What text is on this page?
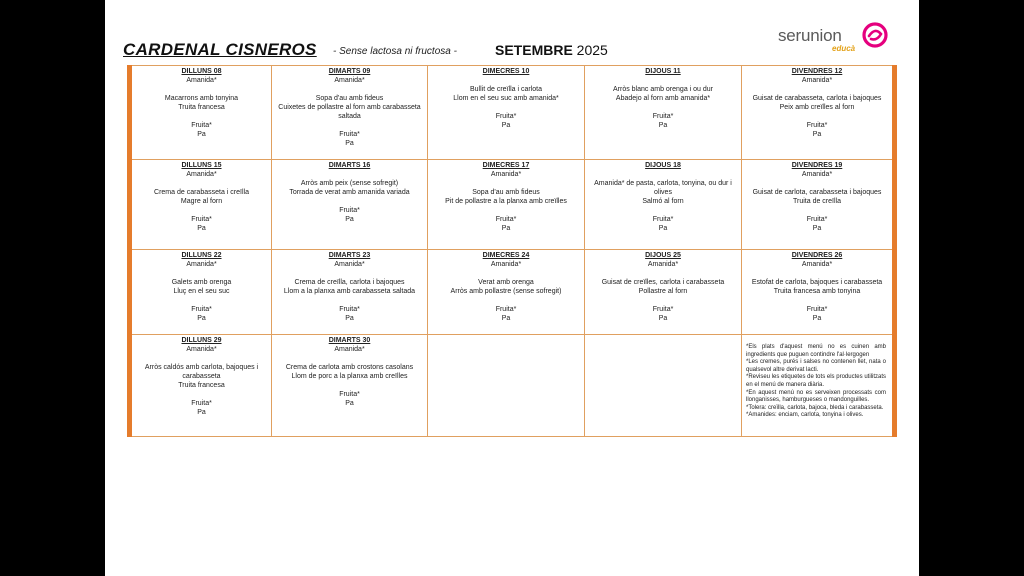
CARDENAL CISNEROS - Sense lactosa ni fructosa -	SETEMBRE 2025
serunion
educà
DILLUNS 08
Amanida*
Macarrons amb tonyina
Truita francesa
Fruita*
Pa
DIMARTS 09
Amanida*
Sopa d'au amb fideus
Cuixetes de pollastre al forn amb carabasseta saltada
Fruita*
Pa
DIMECRES 10
Bullit de creïlla i carlota
Llom en el seu suc amb amanida*
Fruita*
Pa
DIJOUS 11
Arròs blanc amb orenga i ou dur
Abadejo al forn amb amanida*
Fruita*
Pa
DIVENDRES 12
Amanida*
Guisat de carabasseta, carlota i bajoques
Peix amb creïlles al forn
Fruita*
Pa
DILLUNS 15
Amanida*
Crema de carabasseta i creïlla
Magre al forn
Fruita*
Pa
DIMARTS 16
Arròs amb peix (sense sofregit)
Torrada de verat amb amanida variada
Fruita*
Pa
DIMECRES 17
Amanida*
Sopa d'au amb fideus
Pit de pollastre a la planxa amb creïlles
Fruita*
Pa
DIJOUS 18
Amanida* de pasta, carlota, tonyina, ou dur i olives
Salmó al forn
Fruita*
Pa
DIVENDRES 19
Amanida*
Guisat de carlota, carabasseta i bajoques
Truita de creïlla
Fruita*
Pa
DILLUNS 22
Amanida*
Galets amb orenga
Lluç en el seu suc
Fruita*
Pa
DIMARTS 23
Amanida*
Crema de creïlla, carlota i bajoques
Llom a la planxa amb carabasseta saltada
Fruita*
Pa
DIMECRES 24
Amanida*
Verat amb orenga
Arròs amb pollastre (sense sofregit)
Fruita*
Pa
DIJOUS 25
Amanida*
Guisat de creïlles, carlota i carabasseta
Pollastre al forn
Fruita*
Pa
DIVENDRES 26
Amanida*
Estofat de carlota, bajoques i carabasseta
Truita francesa amb tonyina
Fruita*
Pa
DILLUNS 29
Amanida*
Arròs caldós amb carlota, bajoques i carabasseta
Truita francesa
Fruita*
Pa
DIMARTS 30
Amanida*
Crema de carlota amb crostons casolans
Llom de porc a la planxa amb creïlles
Fruita*
Pa
*Els plats d'aquest menú no es cuinen amb ingredients que puguen contindre l'al·lergogen
*Les cremes, purés i salses no contenen llet, nata o qualsevol altre derivat lacti.
*Reviseu les etiquetes de tots els productes utilitzats en el menú de manera diària.
*En aquest menú no es serveixen processats com llonganisses, hamburgueses o mandonguilles.
*Tolera: creïlla, carlota, bajoca, bleda i carabasseta.
*Amanides: enciam, carlota, tonyina i olives.
